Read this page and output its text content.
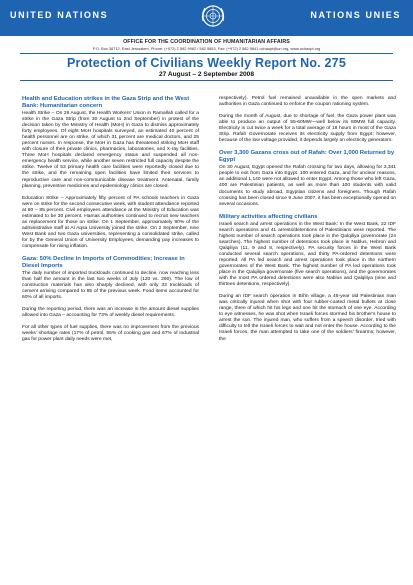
UNITED NATIONS	NATIONS UNIES
OFFICE FOR THE COORDINATION OF HUMANITARIAN AFFAIRS
P.O. Box 38712, East Jerusalem, Phone: (+972) 2 582 9962 / 582 5853, Fax: (+972) 2 582 5841 ochaopt@un.org, www.ochaopt.org
Protection of Civilians Weekly Report No. 275
27 August – 2 September 2008
Health and Education strikes in the Gaza Strip and the West Bank: Humanitarian concern

Health Strike – On 29 August, the Health Workers' Union in Ramallah called for a strike in the Gaza Strip (from 30 August to 2nd September) in protest of the decision taken by the Ministry of Health (MoH) in Gaza to dismiss approximately forty employees. Of eight MoH hospitals surveyed, an estimated 40 percent of health personnel are on strike, of which 31 percent are medical doctors, and 25 percent nurses. In response, the MoH in Gaza has threatened striking MoH staff with closure of their private clinics, pharmacies, laboratories, and X-ray facilities. Three MoH hospitals declared emergency status and suspended all non-emergency health service, while another seven restricted full capacity despite the strike. Twelve of 53 primary health care facilities were reportedly closed due to the strike, and the remaining open facilities have limited their services to reproductive care and non-communicable disease treatment. Antenatal, family planning, preventive medicines and epidemiology clinics are closed.

Education Strike – Approximately fifty percent of PA schools teachers in Gaza were on strike for the second consecutive week, with student attendance reported at 60 – 85 percent. Civil employees attendance at the Ministry of Education was estimated to be 30 percent. Hamas authorities continued to recruit new teachers as replacement for those on strike. On 1 September, approximately 90% of the administrative staff at Al Aqsa University joined the strike. On 2 September, nine West Bank and two Gaza universities, representing a consolidated strike, called for by the General Union of University Employees, demanding pay increases to compensate for rising inflation.

Gaza: 50% Decline in Imports of Commodities; Increase in Diesel Imports

The daily number of imported truckloads continued to decline, now reaching less than half the amount in the last two weeks of July (120 vs. 290). The low of construction materials has also sharply declined, with only 33 truckloads of cement arriving compared to 85 of the previous week. Food items accounted for 60% of all imports.

During the reporting period, there was an increase in the amount diesel supplies allowed into Gaza – accounting for 73% of weekly diesel requirements.

For all other types of fuel supplies, there was no improvement from the previous weeks' shortage rates (17% of petrol, 55% of cooking gas and 67% of industrial gas for power plant daily needs were met,

respectively). Petrol fuel remained unavailable in the open markets and authorities in Gaza continued to enforce the coupon rationing system.

During the month of August, due to shortage of fuel, the Gaza power plant was able to produce an output of 55-60MW—well below its 80MW full capacity. Electricity is cut twice a week for a total average of 18 hours in most of the Gaza Strip. Rafah Governorate receives its electricity supply from Egypt; however, because of the low voltage provided, it depends largely on electricity generators.

Over 3,300 Gazans cross out of Rafah: Over 1,000 Returned by Egypt

On 30 August, Egypt opened the Rafah crossing for two days, allowing for 3,341 people to exit from Gaza into Egypt. 100 entered Gaza, and for unclear reasons, an additional 1,140 were not allowed to enter Egypt. Among those who left Gaza, 400 are Palestinian patients, as well as more than 100 students with valid documents to study abroad, Egyptian citizens and foreigners. Though Rafah crossing has been closed since 9 June 2007, it has been exceptionally opened on several occasions.

Military activities affecting civilians

Israeli search and arrest operations in the West Bank: In the West Bank, 22 IDF search operations and 41 arrests/detentions of Palestinians were reported. The highest number of search operations took place in the Qalqiliya governorate (24 searches). The highest number of detentions took place in Nablus, Hebron and Qalqiliya (11, 9 and 8, respectively). PA security forces in the West Bank conducted several search operations, and thirty PA-ordered detentions were reported. All PA led search and arrest operations took place in the northern governorates of the West Bank. The highest number of PA led operations took place in the Qalqiliya governorate (five search operations), and the governorates with the most PA ordered detentions were also Nablus and Qalqiliya (nine and thirteen detentions, respectively).

During an IDF search operation in Bil'in village, a 45-year old Palestinian man was critically injured when shot with four rubber-coated metal bullets at close range, three of which hit his legs and one hit the stomach of one eye. According to eye witnesses, he was shot when Israeli forces stormed his brother's house to arrest the son. The injured man, who suffers from a speech disorder, tried with difficulty to tell the Israeli forces to wait and not enter the house. According to the Israeli forces, the man attempted to take one of the soldiers' firearms; however, the
